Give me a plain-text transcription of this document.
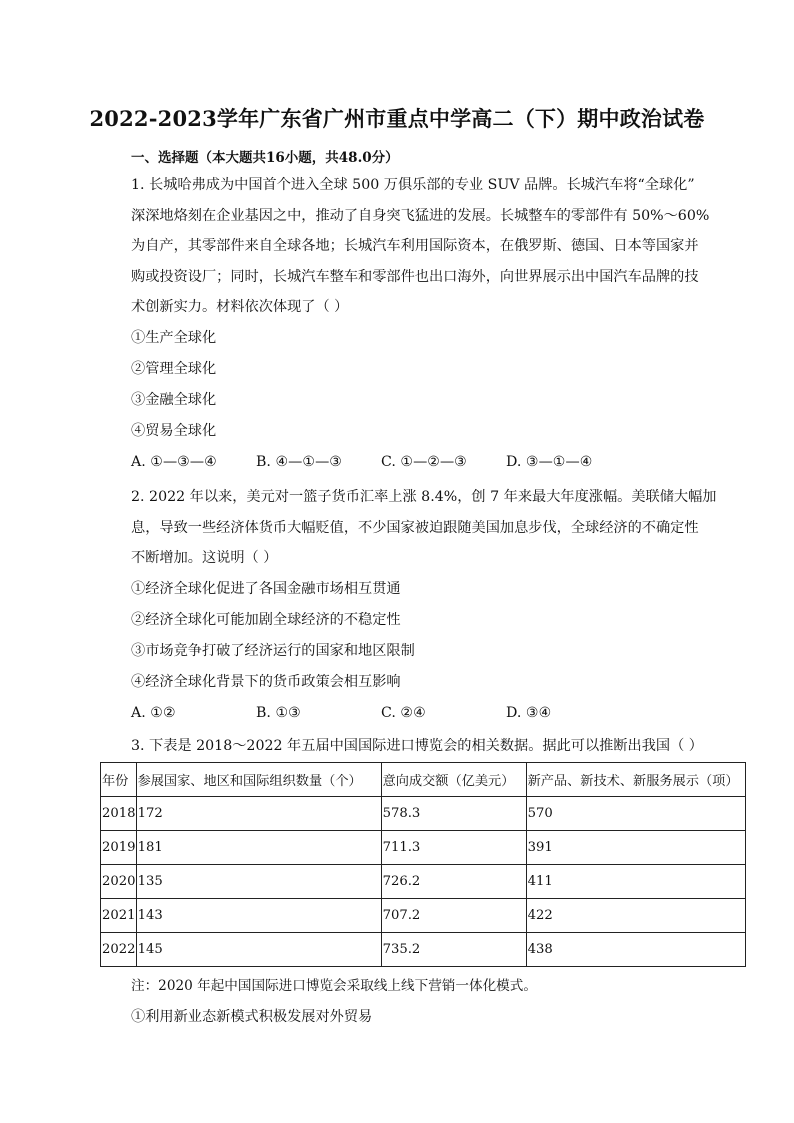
2022-2023学年广东省广州市重点中学高二（下）期中政治试卷
一、选择题（本大题共16小题，共48.0分）
1. 长城哈弗成为中国首个进入全球 500 万俱乐部的专业 SUV 品牌。长城汽车将“全球化”
深深地烙刻在企业基因之中，推动了自身突飞猛进的发展。长城整车的零部件有 50%～60%
为自产，其零部件来自全球各地；长城汽车利用国际资本，在俄罗斯、德国、日本等国家并
购或投资设厂；同时，长城汽车整车和零部件也出口海外，向世界展示出中国汽车品牌的技
术创新实力。材料依次体现了（ ）
①生产全球化
②管理全球化
③金融全球化
④贸易全球化
A. ①—③—④	B. ④—①—③	C. ①—②—③	D. ③—①—④
2. 2022 年以来，美元对一篮子货币汇率上涨 8.4%，创 7 年来最大年度涨幅。美联储大幅加
息，导致一些经济体货币大幅贬值，不少国家被迫跟随美国加息步伐，全球经济的不确定性
不断增加。这说明（ ）
①经济全球化促进了各国金融市场相互贯通
②经济全球化可能加剧全球经济的不稳定性
③市场竞争打破了经济运行的国家和地区限制
④经济全球化背景下的货币政策会相互影响
A. ①②	B. ①③	C. ②④	D. ③④
3. 下表是 2018～2022 年五届中国国际进口博览会的相关数据。据此可以推断出我国（ ）
年份	参展国家、地区和国际组织数量（个）	意向成交额（亿美元）	新产品、新技术、新服务展示（项）
2018	172	578.3	570
2019	181	711.3	391
2020	135	726.2	411
2021	143	707.2	422
2022	145	735.2	438
注：2020 年起中国国际进口博览会采取线上线下营销一体化模式。
①利用新业态新模式积极发展对外贸易
